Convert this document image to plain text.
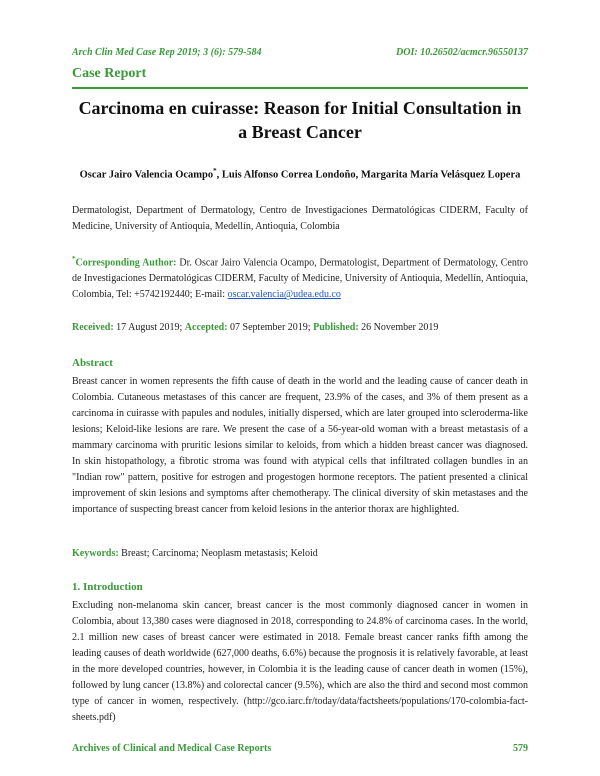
Arch Clin Med Case Rep 2019; 3 (6): 579-584	DOI: 10.26502/acmcr.96550137
Case Report
Carcinoma en cuirasse: Reason for Initial Consultation in a Breast Cancer
Oscar Jairo Valencia Ocampo*, Luis Alfonso Correa Londoño, Margarita María Velásquez Lopera
Dermatologist, Department of Dermatology, Centro de Investigaciones Dermatológicas CIDERM, Faculty of Medicine, University of Antioquia, Medellín, Antioquia, Colombia
*Corresponding Author: Dr. Oscar Jairo Valencia Ocampo, Dermatologist, Department of Dermatology, Centro de Investigaciones Dermatológicas CIDERM, Faculty of Medicine, University of Antioquia, Medellín, Antioquia, Colombia, Tel: +5742192440; E-mail: oscar.valencia@udea.edu.co
Received: 17 August 2019; Accepted: 07 September 2019; Published: 26 November 2019
Abstract
Breast cancer in women represents the fifth cause of death in the world and the leading cause of cancer death in Colombia. Cutaneous metastases of this cancer are frequent, 23.9% of the cases, and 3% of them present as a carcinoma in cuirasse with papules and nodules, initially dispersed, which are later grouped into scleroderma-like lesions; Keloid-like lesions are rare. We present the case of a 56-year-old woman with a breast metastasis of a mammary carcinoma with pruritic lesions similar to keloids, from which a hidden breast cancer was diagnosed. In skin histopathology, a fibrotic stroma was found with atypical cells that infiltrated collagen bundles in an "Indian row" pattern, positive for estrogen and progestogen hormone receptors. The patient presented a clinical improvement of skin lesions and symptoms after chemotherapy. The clinical diversity of skin metastases and the importance of suspecting breast cancer from keloid lesions in the anterior thorax are highlighted.
Keywords: Breast; Carcinoma; Neoplasm metastasis; Keloid
1. Introduction
Excluding non-melanoma skin cancer, breast cancer is the most commonly diagnosed cancer in women in Colombia, about 13,380 cases were diagnosed in 2018, corresponding to 24.8% of carcinoma cases. In the world, 2.1 million new cases of breast cancer were estimated in 2018. Female breast cancer ranks fifth among the leading causes of death worldwide (627,000 deaths, 6.6%) because the prognosis it is relatively favorable, at least in the more developed countries, however, in Colombia it is the leading cause of cancer death in women (15%), followed by lung cancer (13.8%) and colorectal cancer (9.5%), which are also the third and second most common type of cancer in women, respectively. (http://gco.iarc.fr/today/data/factsheets/populations/170-colombia-fact-sheets.pdf)
Archives of Clinical and Medical Case Reports	579
